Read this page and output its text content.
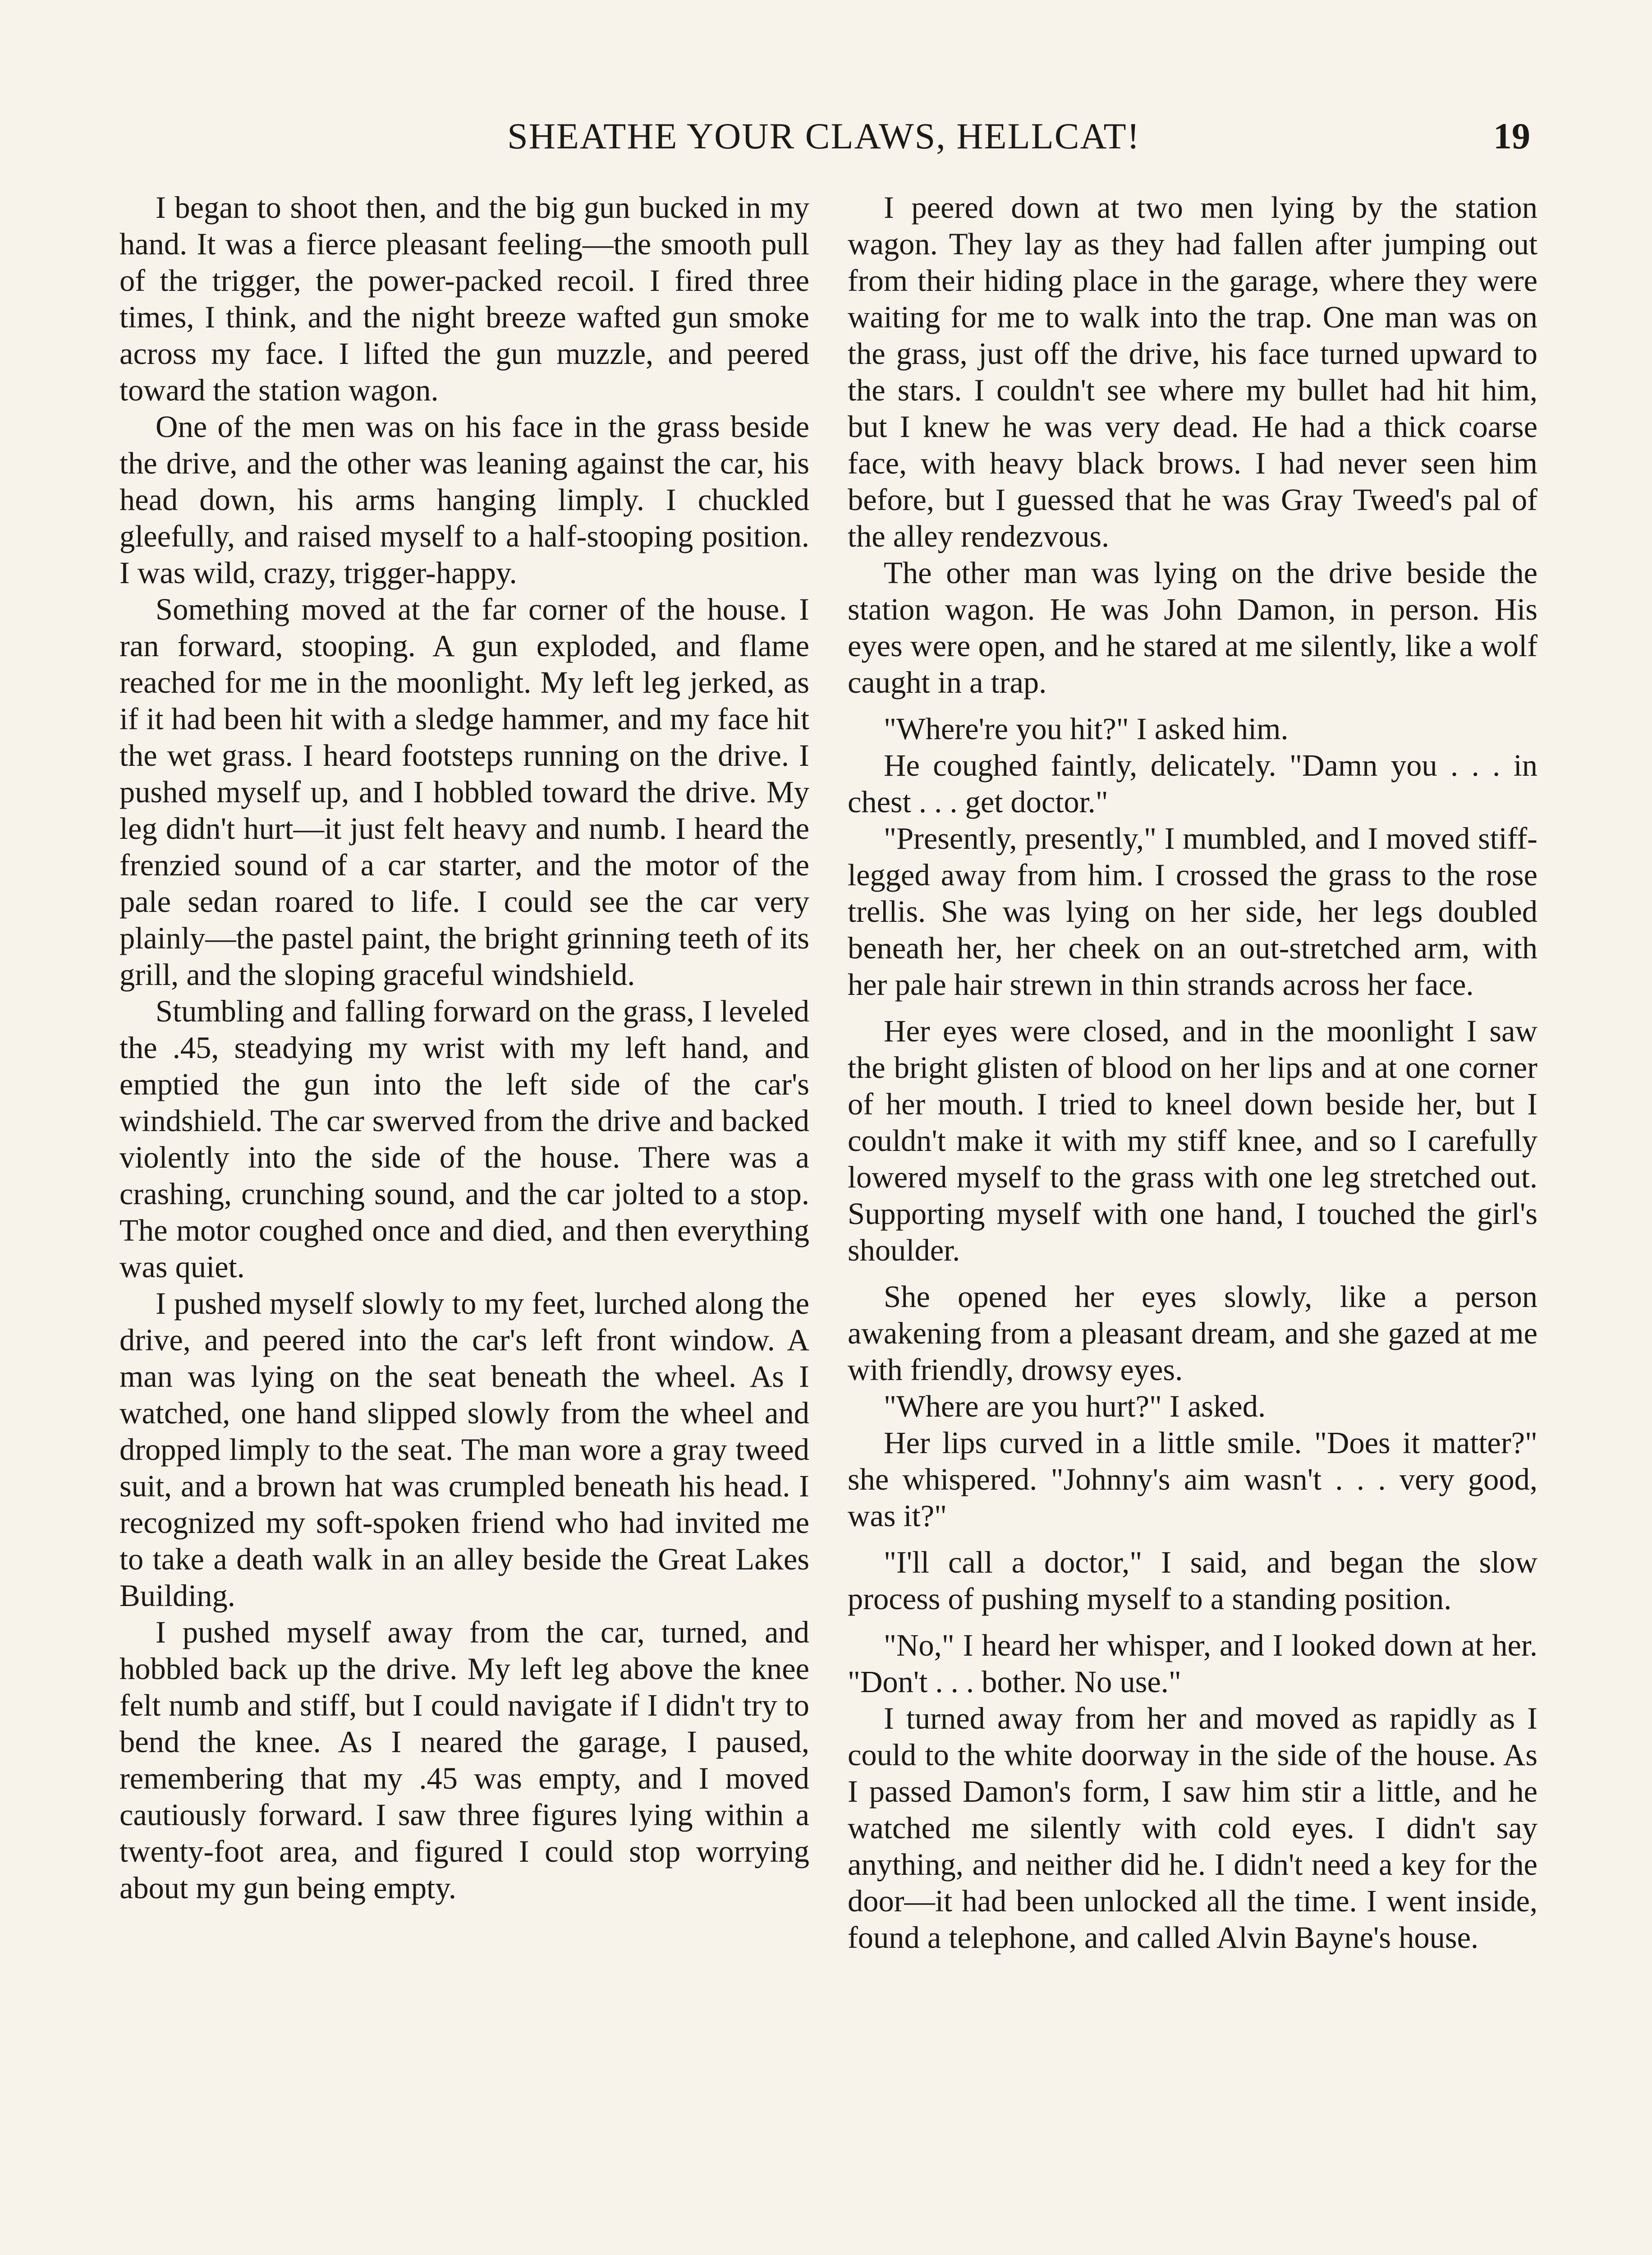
SHEATHE YOUR CLAWS, HELLCAT!	19

I began to shoot then, and the big gun bucked in my hand. It was a fierce pleasant feeling—the smooth pull of the trigger, the power-packed recoil. I fired three times, I think, and the night breeze wafted gun smoke across my face. I lifted the gun muzzle, and peered toward the station wagon.

One of the men was on his face in the grass beside the drive, and the other was leaning against the car, his head down, his arms hanging limply. I chuckled gleefully, and raised myself to a half-stooping position. I was wild, crazy, trigger-happy.

Something moved at the far corner of the house. I ran forward, stooping. A gun exploded, and flame reached for me in the moonlight. My left leg jerked, as if it had been hit with a sledge hammer, and my face hit the wet grass. I heard footsteps running on the drive. I pushed myself up, and I hobbled toward the drive. My leg didn't hurt—it just felt heavy and numb. I heard the frenzied sound of a car starter, and the motor of the pale sedan roared to life. I could see the car very plainly—the pastel paint, the bright grinning teeth of its grill, and the sloping graceful windshield.

Stumbling and falling forward on the grass, I leveled the .45, steadying my wrist with my left hand, and emptied the gun into the left side of the car's windshield. The car swerved from the drive and backed violently into the side of the house. There was a crashing, crunching sound, and the car jolted to a stop. The motor coughed once and died, and then everything was quiet.

I pushed myself slowly to my feet, lurched along the drive, and peered into the car's left front window. A man was lying on the seat beneath the wheel. As I watched, one hand slipped slowly from the wheel and dropped limply to the seat. The man wore a gray tweed suit, and a brown hat was crumpled beneath his head. I recognized my soft-spoken friend who had invited me to take a death walk in an alley beside the Great Lakes Building.

I pushed myself away from the car, turned, and hobbled back up the drive. My left leg above the knee felt numb and stiff, but I could navigate if I didn't try to bend the knee. As I neared the garage, I paused, remembering that my .45 was empty, and I moved cautiously forward. I saw three figures lying within a twenty-foot area, and figured I could stop worrying about my gun being empty.

I peered down at two men lying by the station wagon. They lay as they had fallen after jumping out from their hiding place in the garage, where they were waiting for me to walk into the trap. One man was on the grass, just off the drive, his face turned upward to the stars. I couldn't see where my bullet had hit him, but I knew he was very dead. He had a thick coarse face, with heavy black brows. I had never seen him before, but I guessed that he was Gray Tweed's pal of the alley rendezvous.

The other man was lying on the drive beside the station wagon. He was John Damon, in person. His eyes were open, and he stared at me silently, like a wolf caught in a trap.

"Where're you hit?" I asked him.

He coughed faintly, delicately. "Damn you . . . in chest . . . get doctor."

"Presently, presently," I mumbled, and I moved stiff-legged away from him. I crossed the grass to the rose trellis. She was lying on her side, her legs doubled beneath her, her cheek on an out-stretched arm, with her pale hair strewn in thin strands across her face.

Her eyes were closed, and in the moonlight I saw the bright glisten of blood on her lips and at one corner of her mouth. I tried to kneel down beside her, but I couldn't make it with my stiff knee, and so I carefully lowered myself to the grass with one leg stretched out. Supporting myself with one hand, I touched the girl's shoulder.

She opened her eyes slowly, like a person awakening from a pleasant dream, and she gazed at me with friendly, drowsy eyes.

"Where are you hurt?" I asked.

Her lips curved in a little smile. "Does it matter?" she whispered. "Johnny's aim wasn't . . . very good, was it?"

"I'll call a doctor," I said, and began the slow process of pushing myself to a standing position.

"No," I heard her whisper, and I looked down at her. "Don't . . . bother. No use."

I turned away from her and moved as rapidly as I could to the white doorway in the side of the house. As I passed Damon's form, I saw him stir a little, and he watched me silently with cold eyes. I didn't say anything, and neither did he. I didn't need a key for the door—it had been unlocked all the time. I went inside, found a telephone, and called Alvin Bayne's house.
